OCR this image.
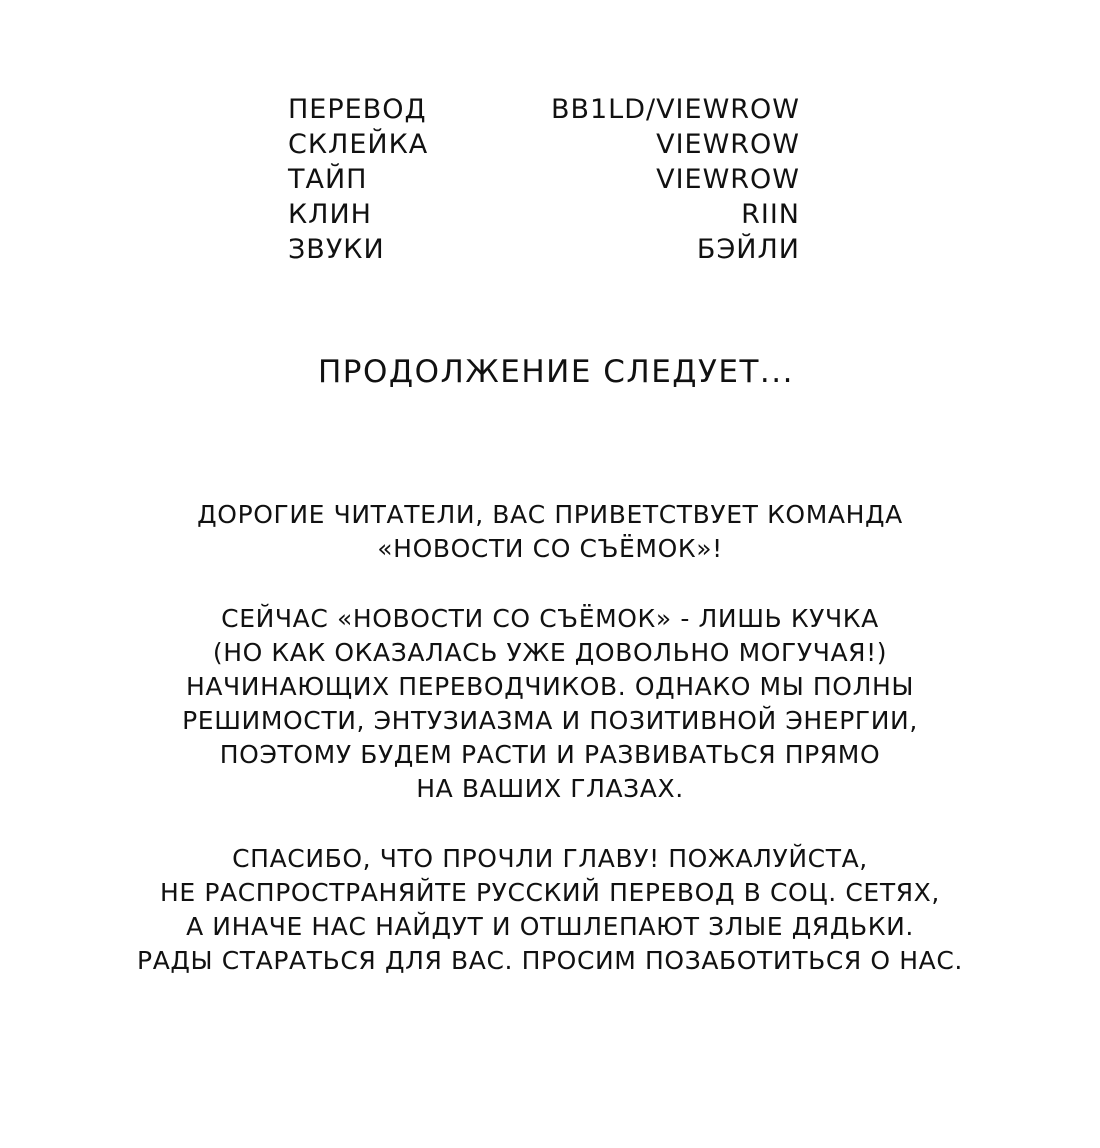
ПЕРЕВОД	BB1LD/VIEWROW
СКЛЕЙКА	VIEWROW
ТАЙП	VIEWROW
КЛИН	RIIN
ЗВУКИ	БЭЙЛИ
ПРОДОЛЖЕНИЕ СЛЕДУЕТ...

ДОРОГИЕ ЧИТАТЕЛИ, ВАС ПРИВЕТСТВУЕТ КОМАНДА
«НОВОСТИ СО СЪЁМОК»!

СЕЙЧАС «НОВОСТИ СО СЪЁМОК» - ЛИШЬ КУЧКА
(НО КАК ОКАЗАЛАСЬ УЖЕ ДОВОЛЬНО МОГУЧАЯ!)
НАЧИНАЮЩИХ ПЕРЕВОДЧИКОВ. ОДНАКО МЫ ПОЛНЫ
РЕШИМОСТИ, ЭНТУЗИАЗМА И ПОЗИТИВНОЙ ЭНЕРГИИ,
ПОЭТОМУ БУДЕМ РАСТИ И РАЗВИВАТЬСЯ ПРЯМО
НА ВАШИХ ГЛАЗАХ.

СПАСИБО, ЧТО ПРОЧЛИ ГЛАВУ! ПОЖАЛУЙСТА,
НЕ РАСПРОСТРАНЯЙТЕ РУССКИЙ ПЕРЕВОД В СОЦ. СЕТЯХ,
А ИНАЧЕ НАС НАЙДУТ И ОТШЛЕПАЮТ ЗЛЫЕ ДЯДЬКИ.
РАДЫ СТАРАТЬСЯ ДЛЯ ВАС. ПРОСИМ ПОЗАБОТИТЬСЯ О НАС.
